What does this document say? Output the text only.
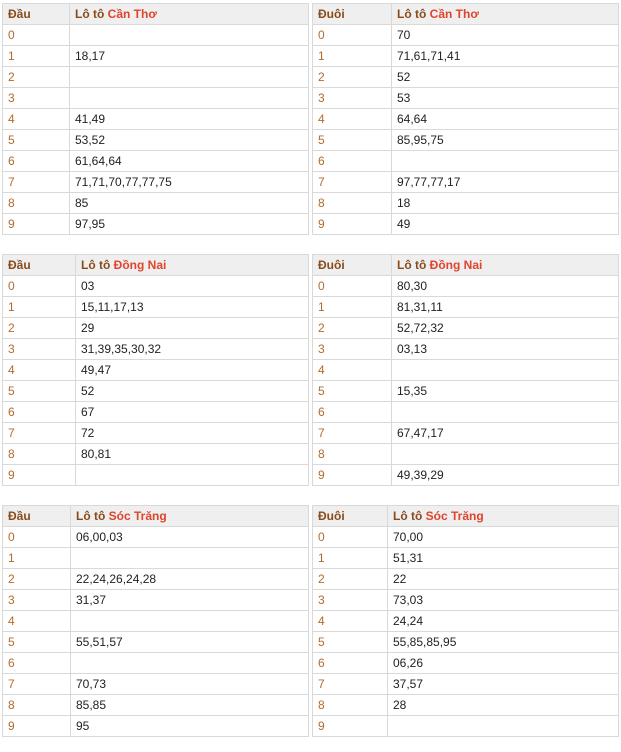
Đầu	Lô tô Cần Thơ
0	
1	18,17
2	
3	
4	41,49
5	53,52
6	61,64,64
7	71,71,70,77,77,75
8	85
9	97,95
Đuôi	Lô tô Cần Thơ
0	70
1	71,61,71,41
2	52
3	53
4	64,64
5	85,95,75
6	
7	97,77,77,17
8	18
9	49
Đầu	Lô tô Đồng Nai
0	03
1	15,11,17,13
2	29
3	31,39,35,30,32
4	49,47
5	52
6	67
7	72
8	80,81
9	
Đuôi	Lô tô Đồng Nai
0	80,30
1	81,31,11
2	52,72,32
3	03,13
4	
5	15,35
6	
7	67,47,17
8	
9	49,39,29
Đầu	Lô tô Sóc Trăng
0	06,00,03
1	
2	22,24,26,24,28
3	31,37
4	
5	55,51,57
6	
7	70,73
8	85,85
9	95
Đuôi	Lô tô Sóc Trăng
0	70,00
1	51,31
2	22
3	73,03
4	24,24
5	55,85,85,95
6	06,26
7	37,57
8	28
9	
